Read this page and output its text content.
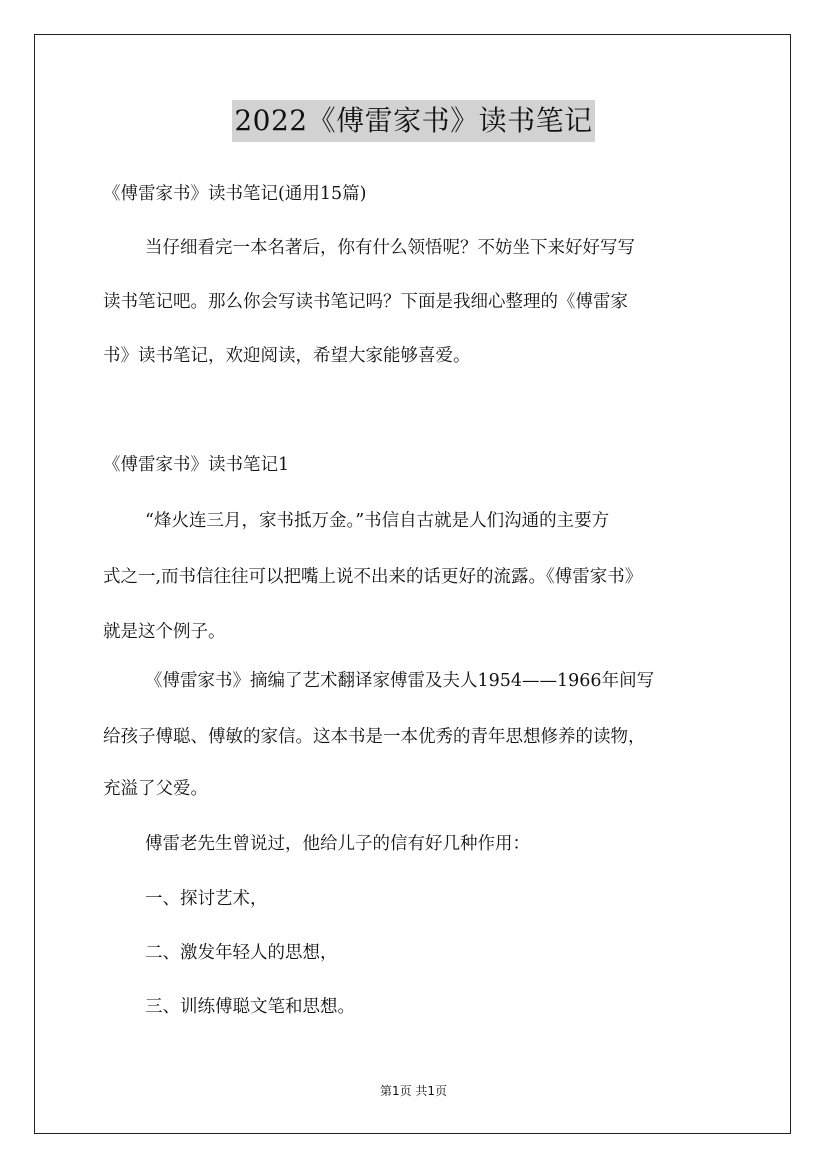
2022《傅雷家书》读书笔记
《傅雷家书》读书笔记(通用15篇)
当仔细看完一本名著后，你有什么领悟呢？不妨坐下来好好写写
读书笔记吧。那么你会写读书笔记吗？下面是我细心整理的《傅雷家
书》读书笔记，欢迎阅读，希望大家能够喜爱。
《傅雷家书》读书笔记1
“烽火连三月，家书抵万金。”书信自古就是人们沟通的主要方
式之一,而书信往往可以把嘴上说不出来的话更好的流露。《傅雷家书》
就是这个例子。
《傅雷家书》摘编了艺术翻译家傅雷及夫人1954——1966年间写
给孩子傅聪、傅敏的家信。这本书是一本优秀的青年思想修养的读物，
充溢了父爱。
傅雷老先生曾说过，他给儿子的信有好几种作用：
一、探讨艺术，
二、激发年轻人的思想，
三、训练傅聪文笔和思想。
第1页 共1页
